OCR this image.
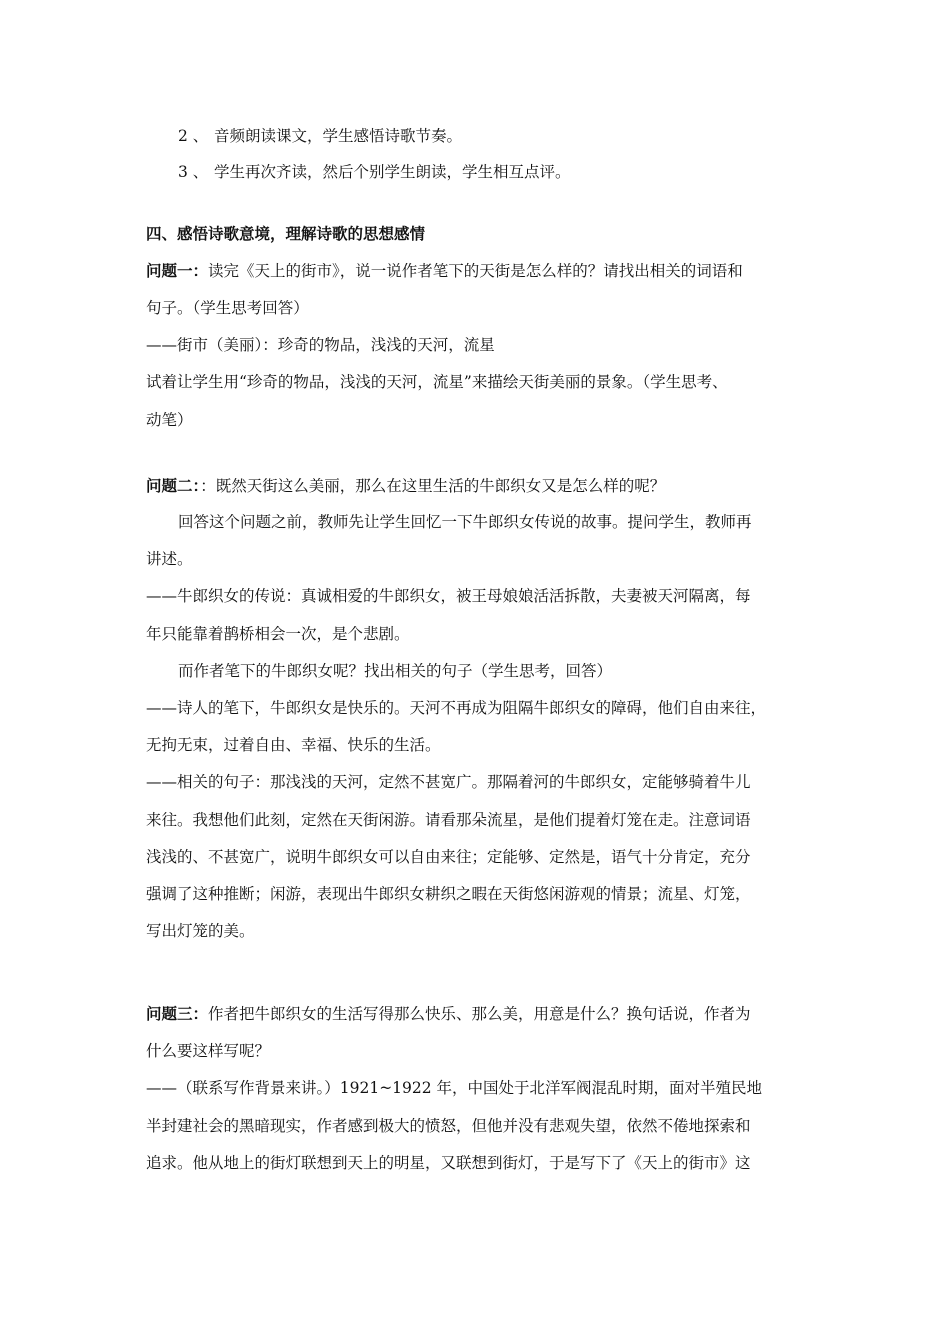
2 、 音频朗读课文，学生感悟诗歌节奏。
3 、 学生再次齐读，然后个别学生朗读，学生相互点评。
四、感悟诗歌意境，理解诗歌的思想感情
问题一：读完《天上的街市》，说一说作者笔下的天街是怎么样的？请找出相关的词语和
句子。（学生思考回答）
——街市（美丽）：珍奇的物品，浅浅的天河，流星
试着让学生用“珍奇的物品，浅浅的天河，流星”来描绘天街美丽的景象。（学生思考、
动笔）
问题二：：既然天街这么美丽，那么在这里生活的牛郎织女又是怎么样的呢？
回答这个问题之前，教师先让学生回忆一下牛郎织女传说的故事。提问学生，教师再
讲述。
——牛郎织女的传说：真诚相爱的牛郎织女，被王母娘娘活活拆散，夫妻被天河隔离，每
年只能靠着鹊桥相会一次，是个悲剧。
而作者笔下的牛郎织女呢？找出相关的句子（学生思考，回答）
——诗人的笔下，牛郎织女是快乐的。天河不再成为阻隔牛郎织女的障碍，他们自由来往，
无拘无束，过着自由、幸福、快乐的生活。
——相关的句子：那浅浅的天河，定然不甚宽广。那隔着河的牛郎织女，定能够骑着牛儿
来往。我想他们此刻，定然在天街闲游。请看那朵流星，是他们提着灯笼在走。注意词语
浅浅的、不甚宽广，说明牛郎织女可以自由来往；定能够、定然是，语气十分肯定，充分
强调了这种推断；闲游，表现出牛郎织女耕织之暇在天街悠闲游观的情景；流星、灯笼，
写出灯笼的美。
问题三：作者把牛郎织女的生活写得那么快乐、那么美，用意是什么？换句话说，作者为
什么要这样写呢？
——（联系写作背景来讲。）1921~1922 年，中国处于北洋军阀混乱时期，面对半殖民地
半封建社会的黑暗现实，作者感到极大的愤怒，但他并没有悲观失望，依然不倦地探索和
追求。他从地上的街灯联想到天上的明星，又联想到街灯，于是写下了《天上的街市》这
